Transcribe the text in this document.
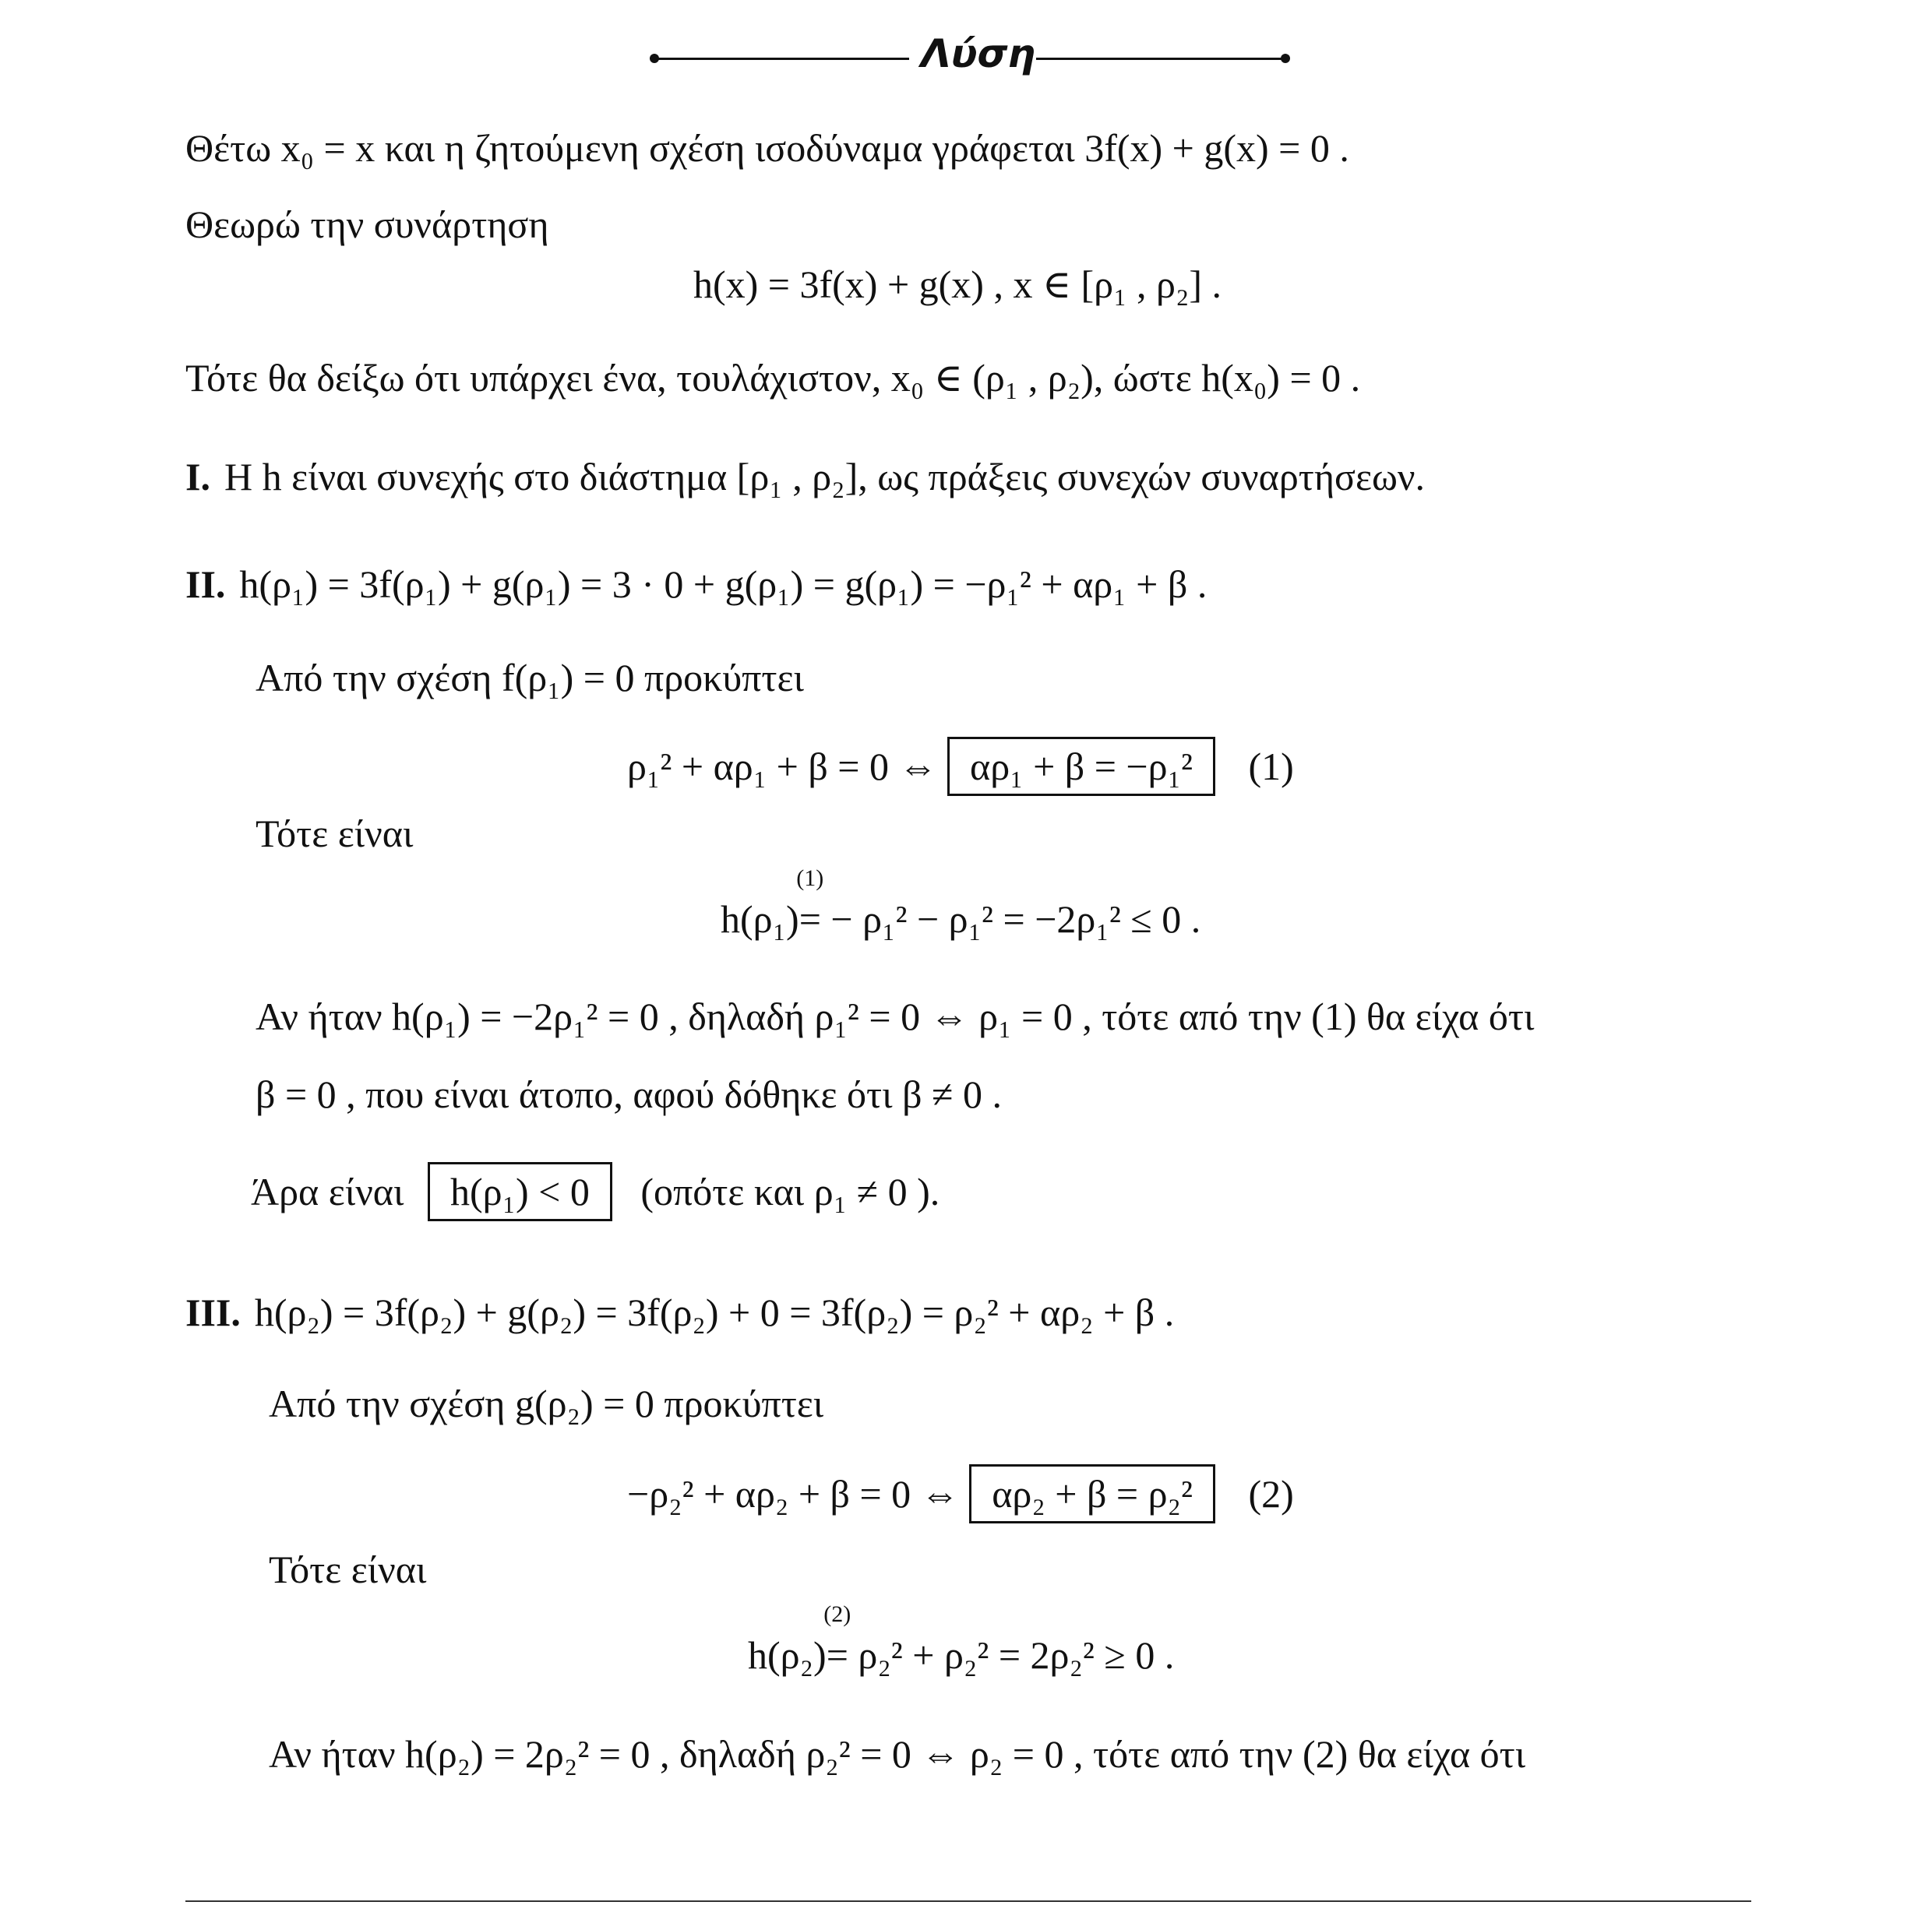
Λύση
Θέτω x₀ = x και η ζητούμενη σχέση ισοδύναμα γράφεται 3f(x) + g(x) = 0 .
Θεωρώ την συνάρτηση
h(x) = 3f(x) + g(x) , x ∈ [ρ₁ , ρ₂] .
Τότε θα δείξω ότι υπάρχει ένα, τουλάχιστον, x₀ ∈ (ρ₁ , ρ₂), ώστε h(x₀) = 0 .
I. Η h είναι συνεχής στο διάστημα [ρ₁ , ρ₂], ως πράξεις συνεχών συναρτήσεων.
II. h(ρ₁) = 3f(ρ₁) + g(ρ₁) = 3 · 0 + g(ρ₁) = g(ρ₁) = −ρ₁² + αρ₁ + β .
Από την σχέση f(ρ₁) = 0 προκύπτει
ρ₁² + αρ₁ + β = 0 ⇔ αρ₁ + β = −ρ₁² (1)
Τότε είναι
h(ρ₁)=
(1)
− ρ₁² − ρ₁² = −2ρ₁² ≤ 0 .
Αν ήταν h(ρ₁) = −2ρ₁² = 0 , δηλαδή ρ₁² = 0 ⇔ ρ₁ = 0 , τότε από την (1) θα είχα ότι
β = 0 , που είναι άτοπο, αφού δόθηκε ότι β ≠ 0 .
Άρα είναι h(ρ₁) < 0 (οπότε και ρ₁ ≠ 0 ).
III. h(ρ₂) = 3f(ρ₂) + g(ρ₂) = 3f(ρ₂) + 0 = 3f(ρ₂) = ρ₂² + αρ₂ + β .
Από την σχέση g(ρ₂) = 0 προκύπτει
−ρ₂² + αρ₂ + β = 0 ⇔ αρ₂ + β = ρ₂² (2)
Τότε είναι
h(ρ₂)=
(2)
ρ₂² + ρ₂² = 2ρ₂² ≥ 0 .
Αν ήταν h(ρ₂) = 2ρ₂² = 0 , δηλαδή ρ₂² = 0 ⇔ ρ₂ = 0 , τότε από την (2) θα είχα ότι
